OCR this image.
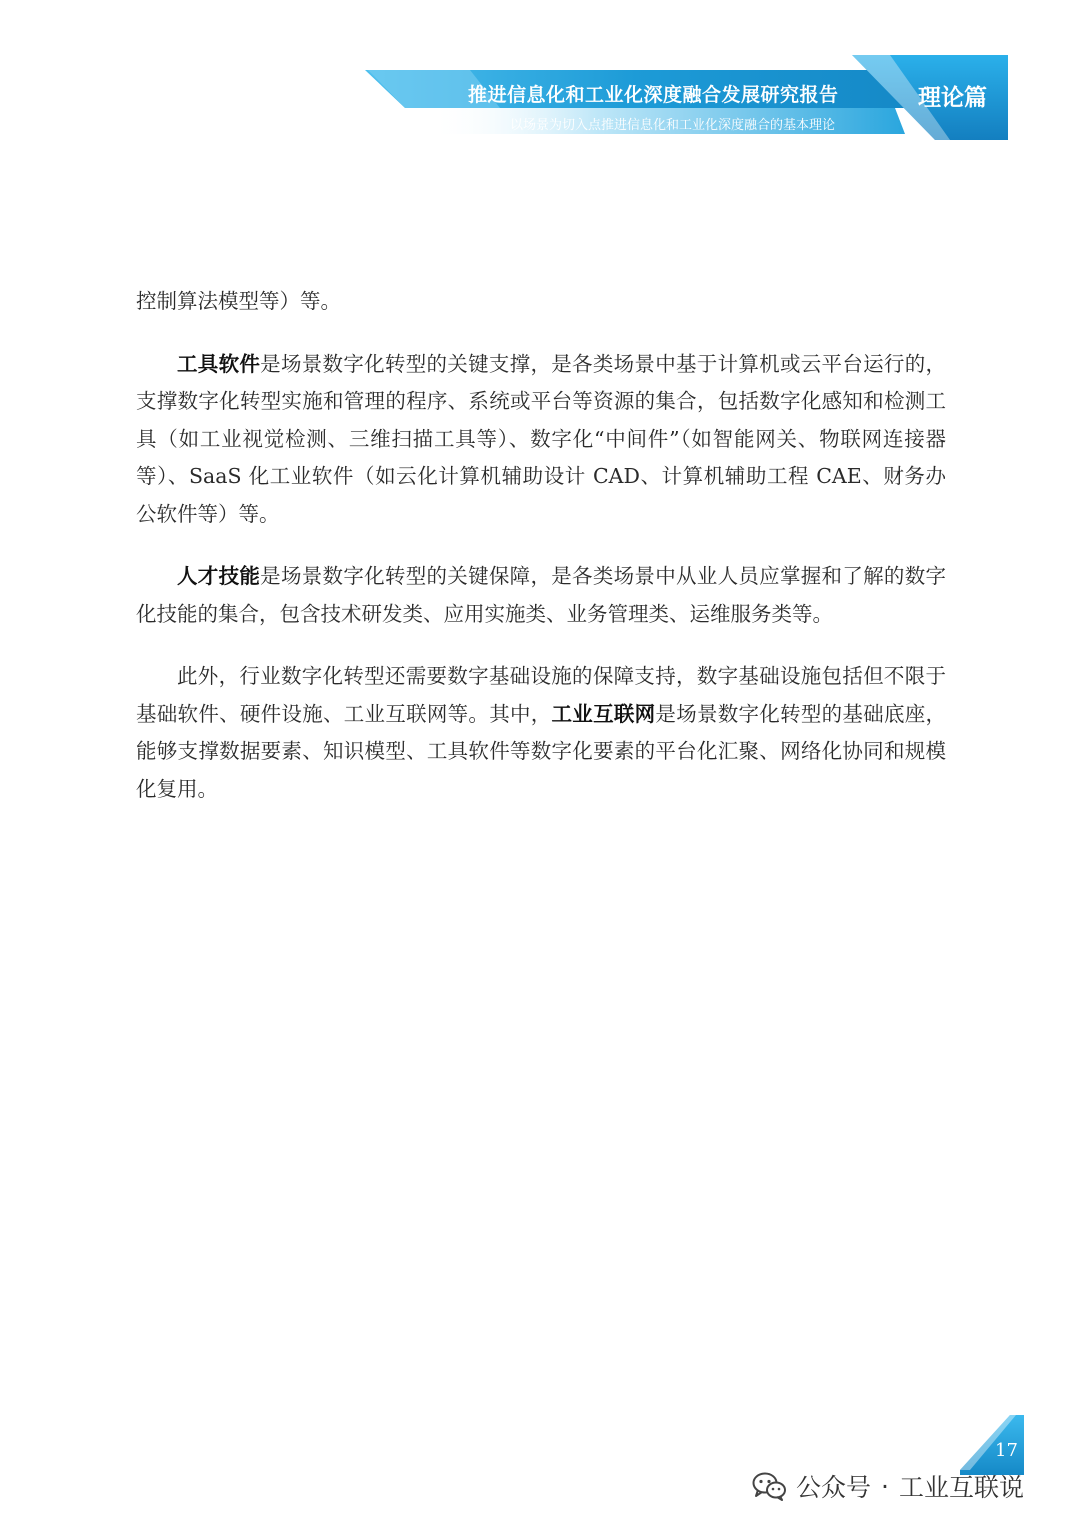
推进信息化和工业化深度融合发展研究报告
以场景为切入点推进信息化和工业化深度融合的基本理论
理论篇

控制算法模型等）等。

工具软件是场景数字化转型的关键支撑，是各类场景中基于计算机或云平台运行的，支撑数字化转型实施和管理的程序、系统或平台等资源的集合，包括数字化感知和检测工具（如工业视觉检测、三维扫描工具等）、数字化“中间件”（如智能网关、物联网连接器等）、SaaS 化工业软件（如云化计算机辅助设计 CAD、计算机辅助工程 CAE、财务办公软件等）等。

人才技能是场景数字化转型的关键保障，是各类场景中从业人员应掌握和了解的数字化技能的集合，包含技术研发类、应用实施类、业务管理类、运维服务类等。

此外，行业数字化转型还需要数字基础设施的保障支持，数字基础设施包括但不限于基础软件、硬件设施、工业互联网等。其中，工业互联网是场景数字化转型的基础底座，能够支撑数据要素、知识模型、工具软件等数字化要素的平台化汇聚、网络化协同和规模化复用。

17
公众号 · 工业互联说
